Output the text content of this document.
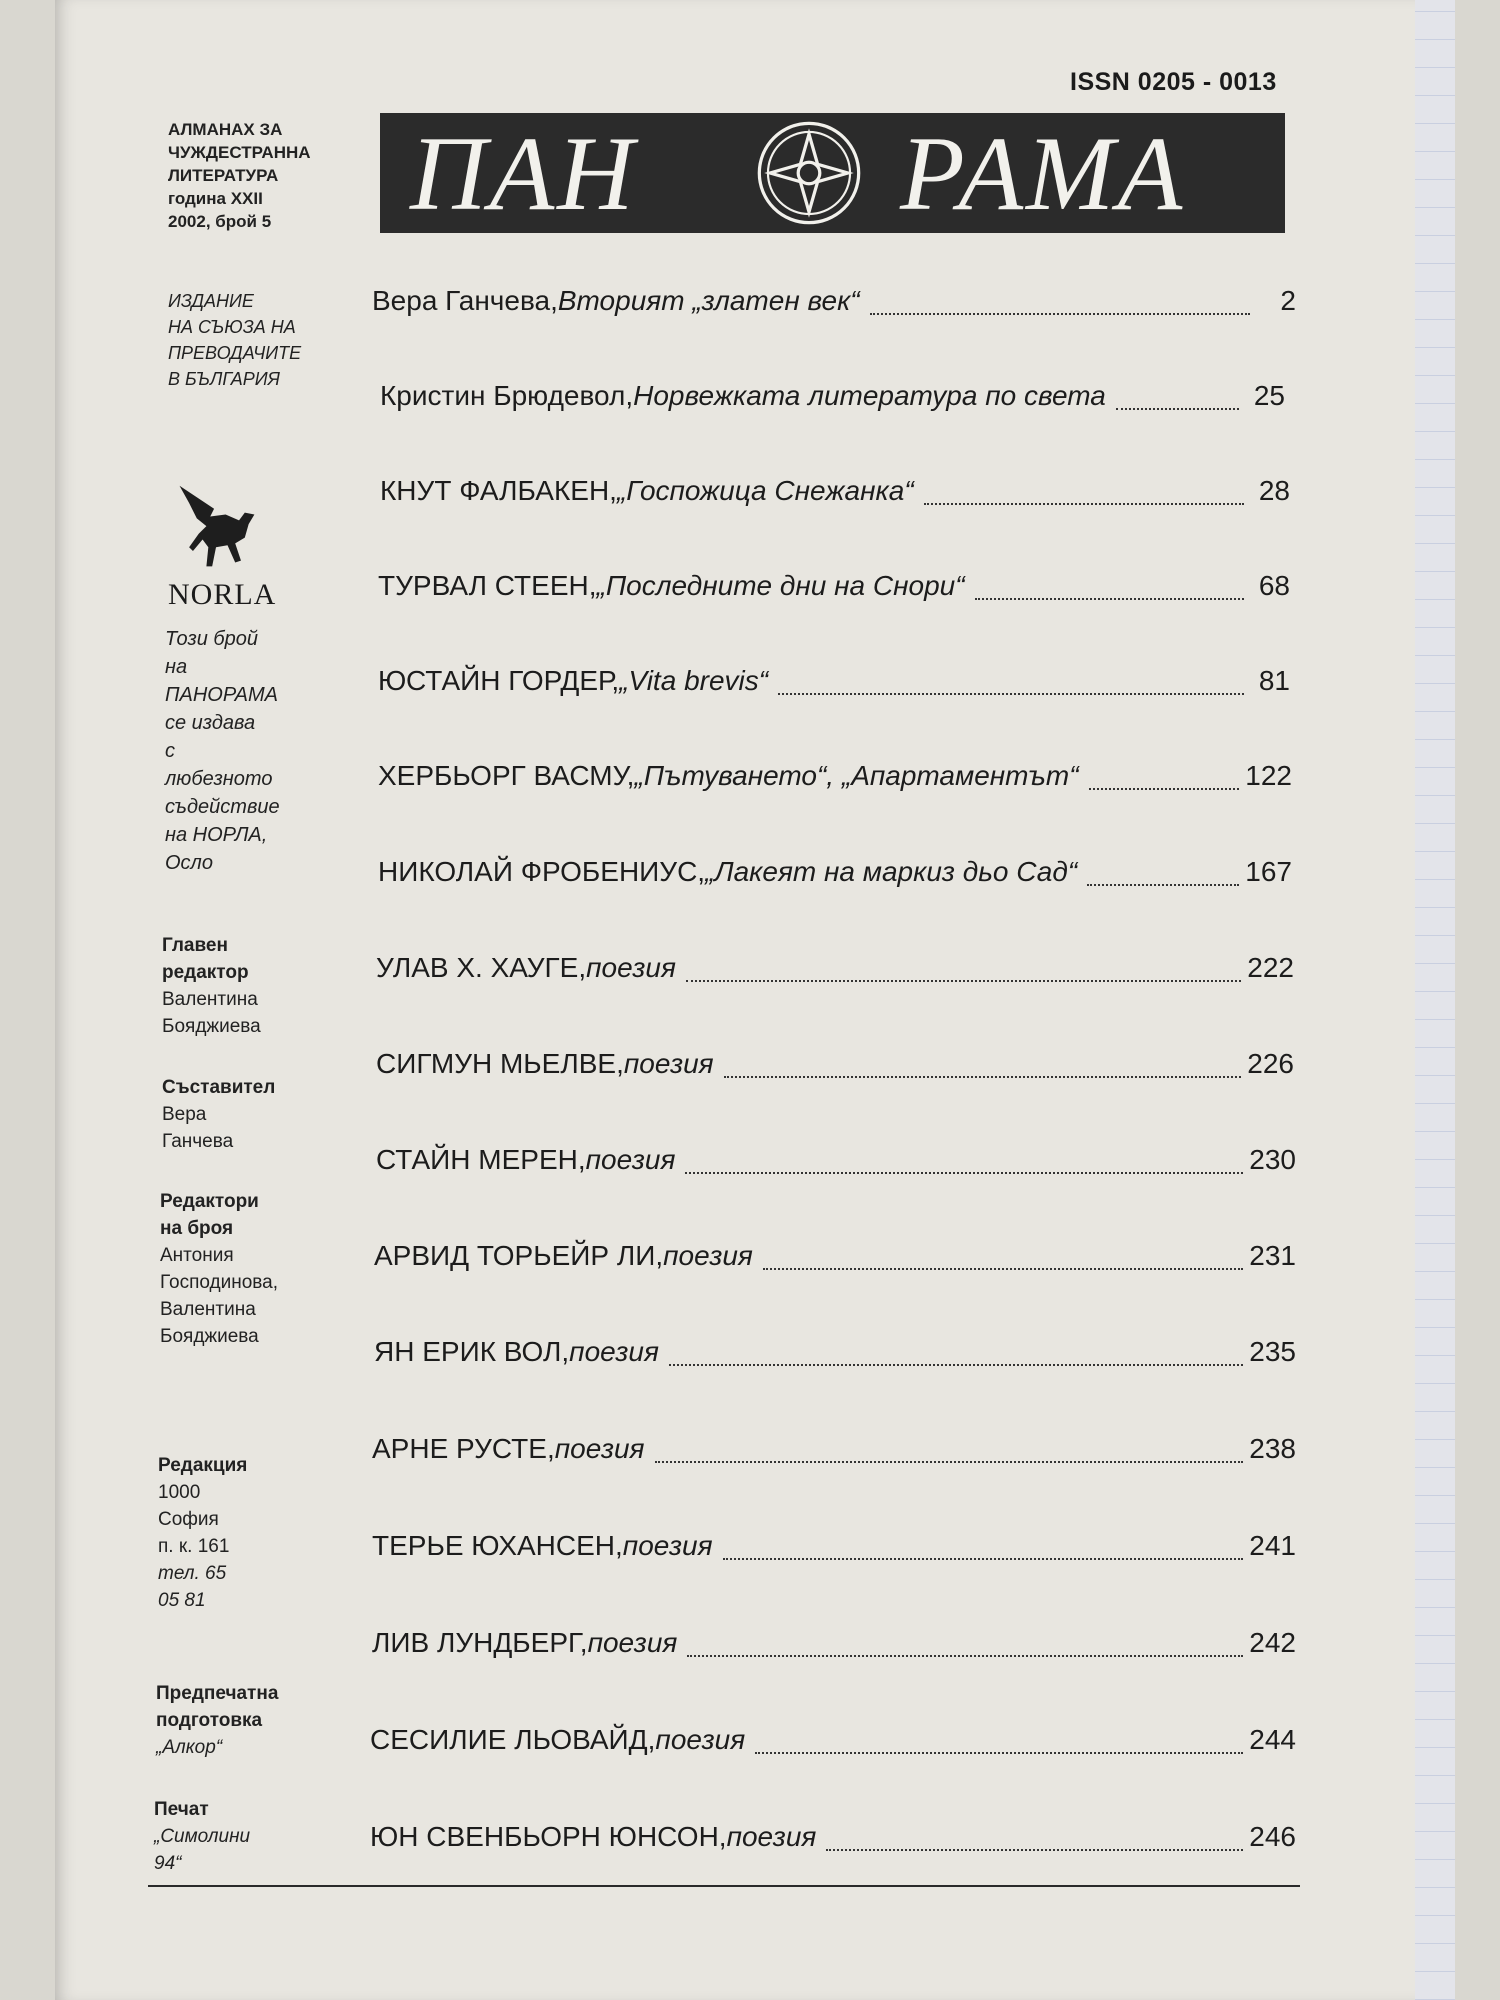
ISSN 0205 - 0013
ПАН РАМА
АЛМАНАХ ЗА
ЧУЖДЕСТРАННА
ЛИТЕРАТУРА
година XXII
2002, брой 5
ИЗДАНИЕ
НА СЪЮЗА НА
ПРЕВОДАЧИТЕ
В БЪЛГАРИЯ
NORLA
Този брой на
ПАНОРАМА
се издава
с любезното
съдействие
на НОРЛА,
Осло
Главен
редактор
Валентина
Бояджиева
Съставител
Вера
Ганчева
Редактори
на броя
Антония
Господинова,
Валентина
Бояджиева
Редакция
1000 София
п. к. 161
тел. 65 05 81
Предпечатна
подготовка
„Алкор“
Печат
„Симолини 94“
Вера Ганчева, Вторият „златен век“	2
Кристин Брюдевол, Норвежката литература по света	25
КНУТ ФАЛБАКЕН, „Госпожица Снежанка“	28
ТУРВАЛ СТЕЕН, „Последните дни на Снори“	68
ЮСТАЙН ГОРДЕР, „Vita brevis“	81
ХЕРБЬОРГ ВАСМУ, „Пътуването“, „Апартаментът“	122
НИКОЛАЙ ФРОБЕНИУС, „Лакеят на маркиз дьо Сад“	167
УЛАВ Х. ХАУГЕ, поезия	222
СИГМУН МЬЕЛВЕ, поезия	226
СТАЙН МЕРЕН, поезия	230
АРВИД ТОРЬЕЙР ЛИ, поезия	231
ЯН ЕРИК ВОЛ, поезия	235
АРНЕ РУСТЕ, поезия	238
ТЕРЬЕ ЮХАНСЕН, поезия	241
ЛИВ ЛУНДБЕРГ, поезия	242
СЕСИЛИЕ ЛЬОВАЙД, поезия	244
ЮН СВЕНБЬОРН ЮНСОН, поезия	246
